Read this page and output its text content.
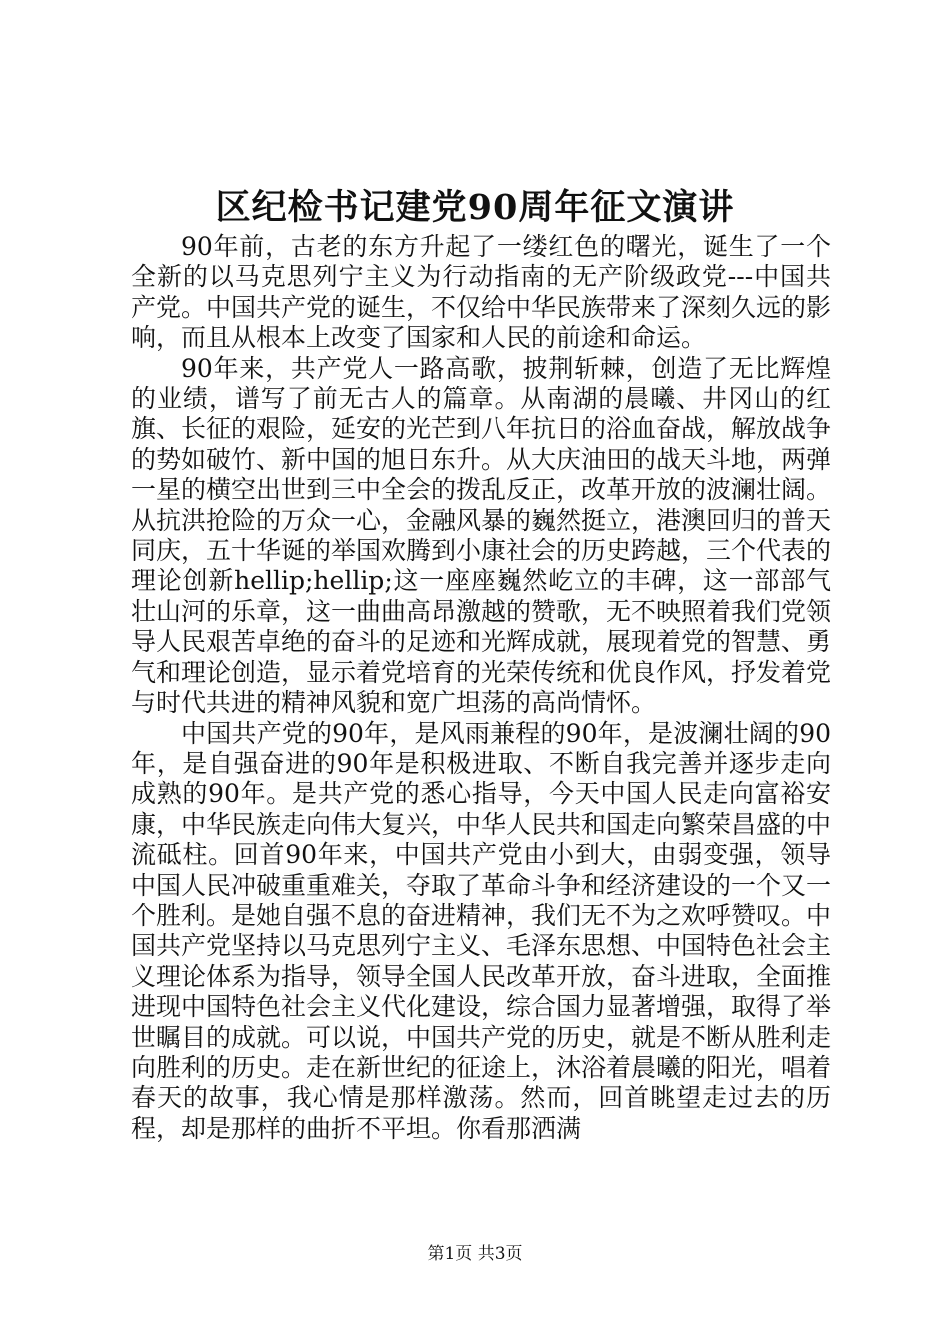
区纪检书记建党90周年征文演讲

90年前，古老的东方升起了一缕红色的曙光，诞生了一个全新的以马克思列宁主义为行动指南的无产阶级政党---中国共产党。中国共产党的诞生，不仅给中华民族带来了深刻久远的影响，而且从根本上改变了国家和人民的前途和命运。

90年来，共产党人一路高歌，披荆斩棘，创造了无比辉煌的业绩，谱写了前无古人的篇章。从南湖的晨曦、井冈山的红旗、长征的艰险，延安的光芒到八年抗日的浴血奋战，解放战争的势如破竹、新中国的旭日东升。从大庆油田的战天斗地，两弹一星的横空出世到三中全会的拨乱反正，改革开放的波澜壮阔。从抗洪抢险的万众一心，金融风暴的巍然挺立，港澳回归的普天同庆，五十华诞的举国欢腾到小康社会的历史跨越，三个代表的理论创新hellip;hellip;这一座座巍然屹立的丰碑，这一部部气壮山河的乐章，这一曲曲高昂激越的赞歌，无不映照着我们党领导人民艰苦卓绝的奋斗的足迹和光辉成就，展现着党的智慧、勇气和理论创造，显示着党培育的光荣传统和优良作风，抒发着党与时代共进的精神风貌和宽广坦荡的高尚情怀。

中国共产党的90年，是风雨兼程的90年，是波澜壮阔的90年，是自强奋进的90年是积极进取、不断自我完善并逐步走向成熟的90年。是共产党的悉心指导，今天中国人民走向富裕安康，中华民族走向伟大复兴，中华人民共和国走向繁荣昌盛的中流砥柱。回首90年来，中国共产党由小到大，由弱变强，领导中国人民冲破重重难关，夺取了革命斗争和经济建设的一个又一个胜利。是她自强不息的奋进精神，我们无不为之欢呼赞叹。中国共产党坚持以马克思列宁主义、毛泽东思想、中国特色社会主义理论体系为指导，领导全国人民改革开放，奋斗进取，全面推进现中国特色社会主义代化建设，综合国力显著增强，取得了举世瞩目的成就。可以说，中国共产党的历史，就是不断从胜利走向胜利的历史。走在新世纪的征途上，沐浴着晨曦的阳光，唱着春天的故事，我心情是那样激荡。然而，回首眺望走过去的历程，却是那样的曲折不平坦。你看那洒满

第1页 共3页
